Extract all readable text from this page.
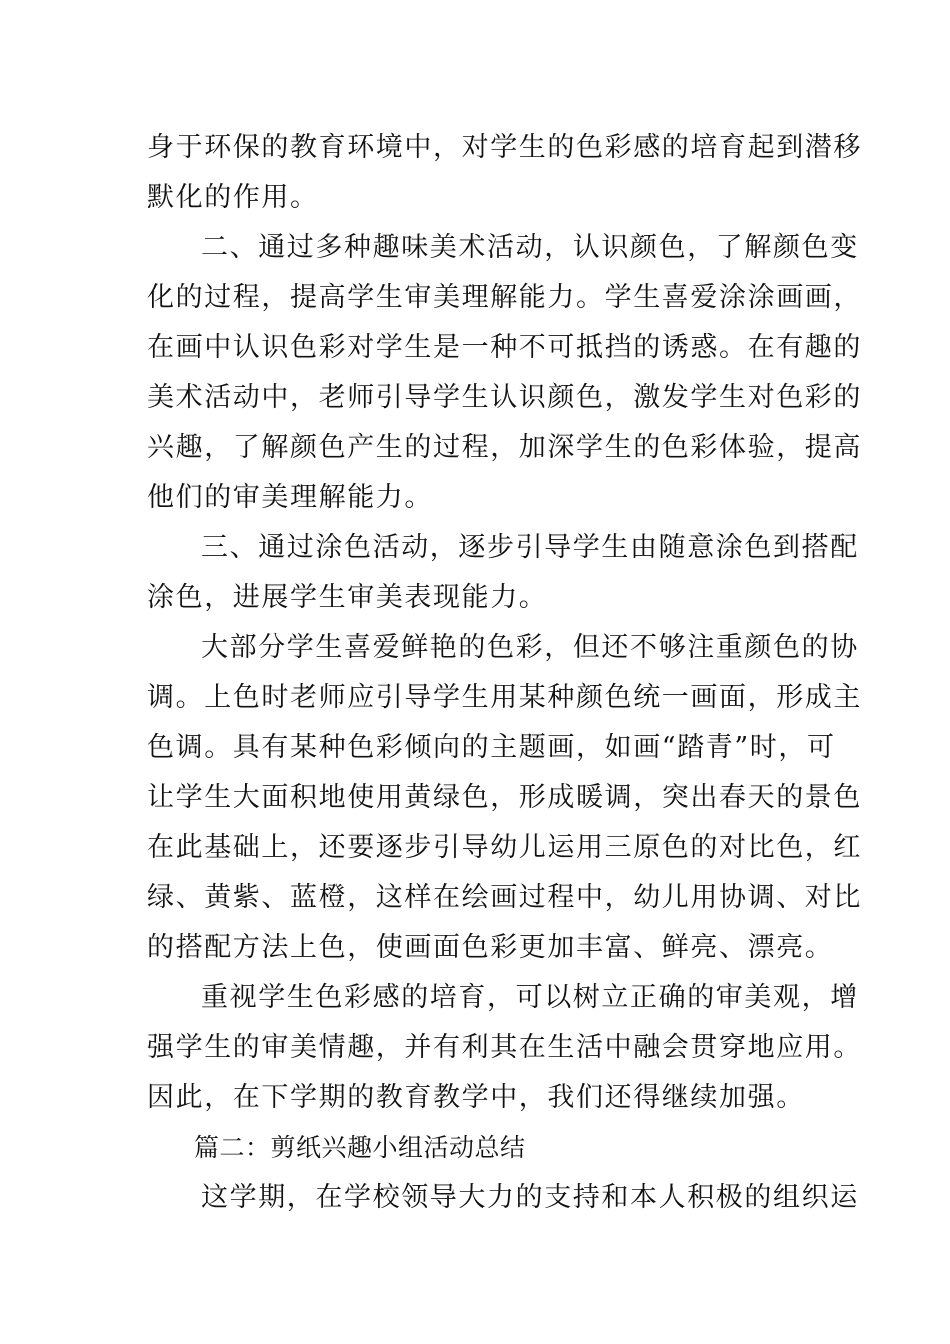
身于环保的教育环境中，对学生的色彩感的培育起到潜移
默化的作用。
二、通过多种趣味美术活动，认识颜色，了解颜色变
化的过程，提高学生审美理解能力。学生喜爱涂涂画画，
在画中认识色彩对学生是一种不可抵挡的诱惑。在有趣的
美术活动中，老师引导学生认识颜色，激发学生对色彩的
兴趣，了解颜色产生的过程，加深学生的色彩体验，提高
他们的审美理解能力。
三、通过涂色活动，逐步引导学生由随意涂色到搭配
涂色，进展学生审美表现能力。
大部分学生喜爱鲜艳的色彩，但还不够注重颜色的协
调。上色时老师应引导学生用某种颜色统一画面，形成主
色调。具有某种色彩倾向的主题画，如画“踏青”时，可
让学生大面积地使用黄绿色，形成暖调，突出春天的景色
在此基础上，还要逐步引导幼儿运用三原色的对比色，红
绿、黄紫、蓝橙，这样在绘画过程中，幼儿用协调、对比
的搭配方法上色，使画面色彩更加丰富、鲜亮、漂亮。
重视学生色彩感的培育，可以树立正确的审美观，增
强学生的审美情趣，并有利其在生活中融会贯穿地应用。
因此，在下学期的教育教学中，我们还得继续加强。
篇二：剪纸兴趣小组活动总结
这学期，在学校领导大力的支持和本人积极的组织运
